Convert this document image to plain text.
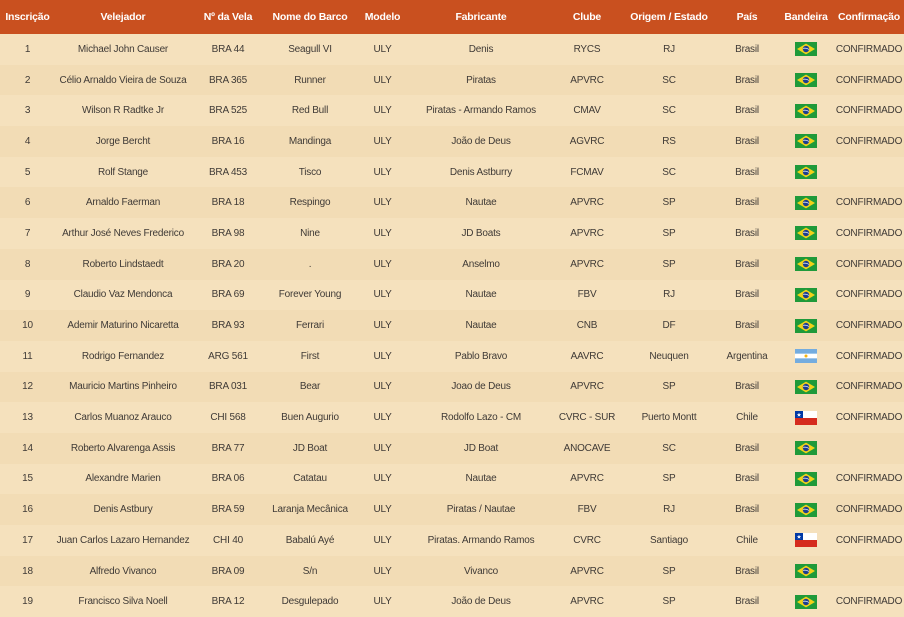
Inscrição	Velejador	Nº da Vela	Nome do Barco	Modelo	Fabricante	Clube	Origem / Estado	País	Bandeira	Confirmação
1	Michael John Causer	BRA 44	Seagull VI	ULY	Denis	RYCS	RJ	Brasil		CONFIRMADO
2	Célio Arnaldo Vieira de Souza	BRA 365	Runner	ULY	Piratas	APVRC	SC	Brasil		CONFIRMADO
3	Wilson R Radtke Jr	BRA 525	Red Bull	ULY	Piratas - Armando Ramos	CMAV	SC	Brasil		CONFIRMADO
4	Jorge Bercht	BRA 16	Mandinga	ULY	João de Deus	AGVRC	RS	Brasil		CONFIRMADO
5	Rolf Stange	BRA 453	Tisco	ULY	Denis Astburry	FCMAV	SC	Brasil	

6	Arnaldo Faerman	BRA 18	Respingo	ULY	Nautae	APVRC	SP	Brasil		CONFIRMADO
7	Arthur José Neves Frederico	BRA 98	Nine	ULY	JD Boats	APVRC	SP	Brasil		CONFIRMADO
8	Roberto Lindstaedt	BRA 20	.	ULY	Anselmo	APVRC	SP	Brasil		CONFIRMADO
9	Claudio Vaz Mendonca	BRA 69	Forever Young	ULY	Nautae	FBV	RJ	Brasil		CONFIRMADO
10	Ademir Maturino Nicaretta	BRA 93	Ferrari	ULY	Nautae	CNB	DF	Brasil		CONFIRMADO
11	Rodrigo Fernandez	ARG 561	First	ULY	Pablo Bravo	AAVRC	Neuquen	Argentina		CONFIRMADO
12	Mauricio Martins Pinheiro	BRA 031	Bear	ULY	Joao de Deus	APVRC	SP	Brasil		CONFIRMADO
13	Carlos Muanoz Arauco	CHI 568	Buen Augurio	ULY	Rodolfo Lazo - CM	CVRC - SUR	Puerto Montt	Chile		CONFIRMADO
14	Roberto Alvarenga Assis	BRA 77	JD Boat	ULY	JD Boat	ANOCAVE	SC	Brasil	

15	Alexandre Marien	BRA 06	Catatau	ULY	Nautae	APVRC	SP	Brasil		CONFIRMADO
16	Denis Astbury	BRA 59	Laranja Mecânica	ULY	Piratas / Nautae	FBV	RJ	Brasil		CONFIRMADO
17	Juan Carlos Lazaro Hernandez	CHI 40	Babalú Ayé	ULY	Piratas. Armando Ramos	CVRC	Santiago	Chile		CONFIRMADO
18	Alfredo Vivanco	BRA 09	S/n	ULY	Vivanco	APVRC	SP	Brasil	

19	Francisco Silva Noell	BRA 12	Desgulepado	ULY	João de Deus	APVRC	SP	Brasil		CONFIRMADO
